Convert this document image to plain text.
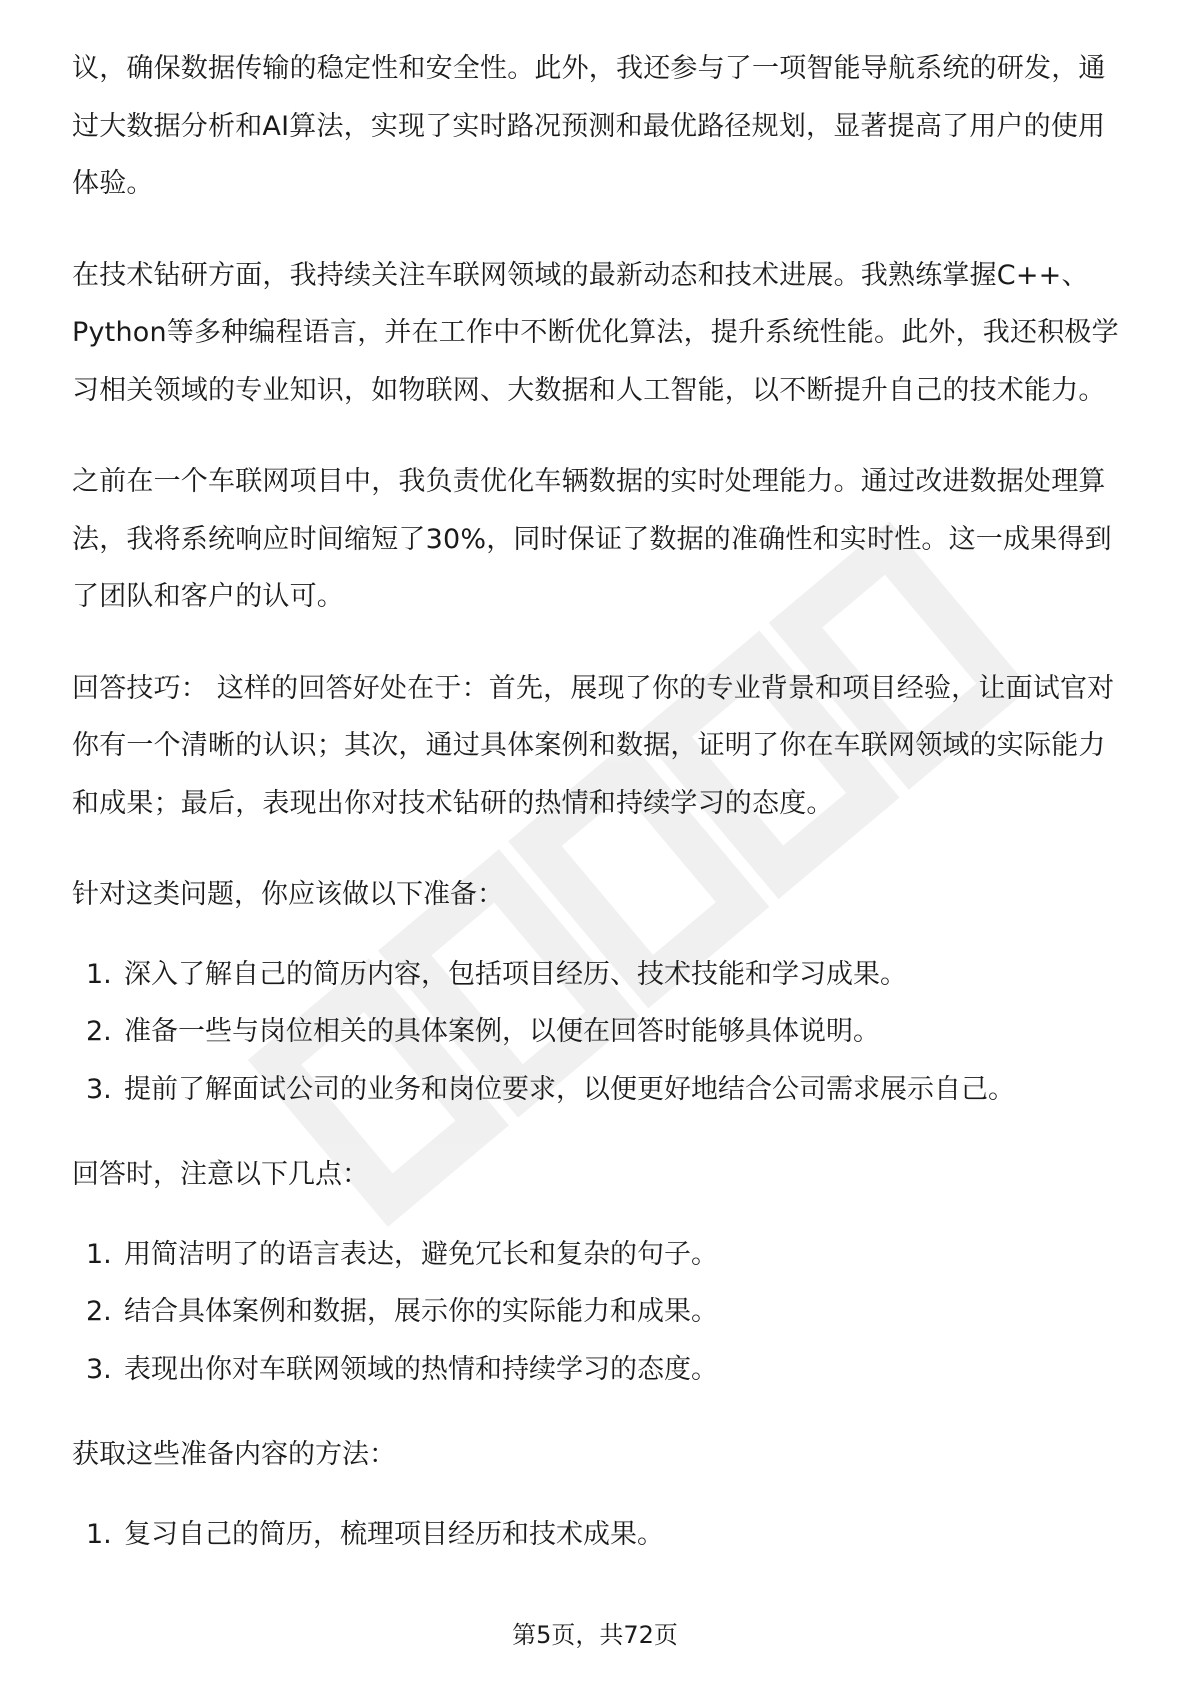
议，确保数据传输的稳定性和安全性。此外，我还参与了一项智能导航系统的研发，通过大数据分析和AI算法，实现了实时路况预测和最优路径规划，显著提高了用户的使用体验。

在技术钻研方面，我持续关注车联网领域的最新动态和技术进展。我熟练掌握C++、Python等多种编程语言，并在工作中不断优化算法，提升系统性能。此外，我还积极学习相关领域的专业知识，如物联网、大数据和人工智能，以不断提升自己的技术能力。

之前在一个车联网项目中，我负责优化车辆数据的实时处理能力。通过改进数据处理算法，我将系统响应时间缩短了30%，同时保证了数据的准确性和实时性。这一成果得到了团队和客户的认可。

回答技巧： 这样的回答好处在于：首先，展现了你的专业背景和项目经验，让面试官对你有一个清晰的认识；其次，通过具体案例和数据，证明了你在车联网领域的实际能力和成果；最后，表现出你对技术钻研的热情和持续学习的态度。

针对这类问题，你应该做以下准备：

1. 深入了解自己的简历内容，包括项目经历、技术技能和学习成果。
2. 准备一些与岗位相关的具体案例，以便在回答时能够具体说明。
3. 提前了解面试公司的业务和岗位要求，以便更好地结合公司需求展示自己。

回答时，注意以下几点：

1. 用简洁明了的语言表达，避免冗长和复杂的句子。
2. 结合具体案例和数据，展示你的实际能力和成果。
3. 表现出你对车联网领域的热情和持续学习的态度。

获取这些准备内容的方法：

1. 复习自己的简历，梳理项目经历和技术成果。
第5页，共72页
